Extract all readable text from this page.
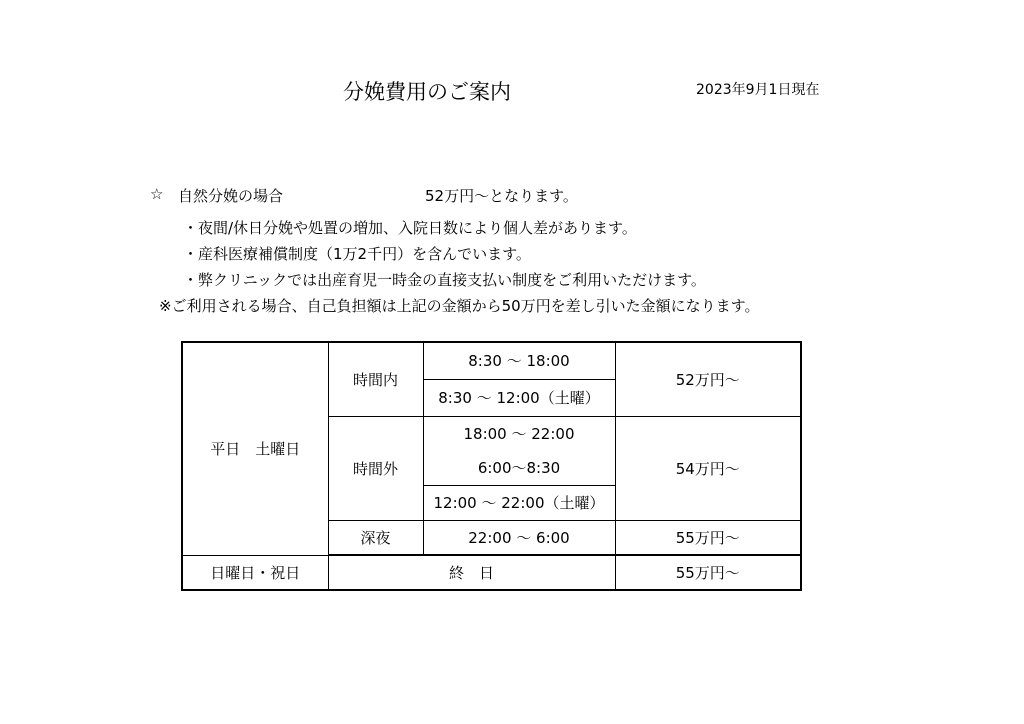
分娩費用のご案内	2023年9月1日現在
☆ 自然分娩の場合	52万円～となります。
・夜間/休日分娩や処置の増加、入院日数により個人差があります。
・産科医療補償制度（1万2千円）を含んでいます。
・弊クリニックでは出産育児一時金の直接支払い制度をご利用いただけます。
※ご利用される場合、自己負担額は上記の金額から50万円を差し引いた金額になります。
平日　土曜日	時間内	8:30 ～ 18:00	52万円～
		8:30 ～ 12:00（土曜）	
	時間外	18:00 ～ 22:00	54万円～
		6:00～8:30	
		12:00 ～ 22:00（土曜）	
	深夜	22:00 ～ 6:00	55万円～
日曜日・祝日	終　日		55万円～
